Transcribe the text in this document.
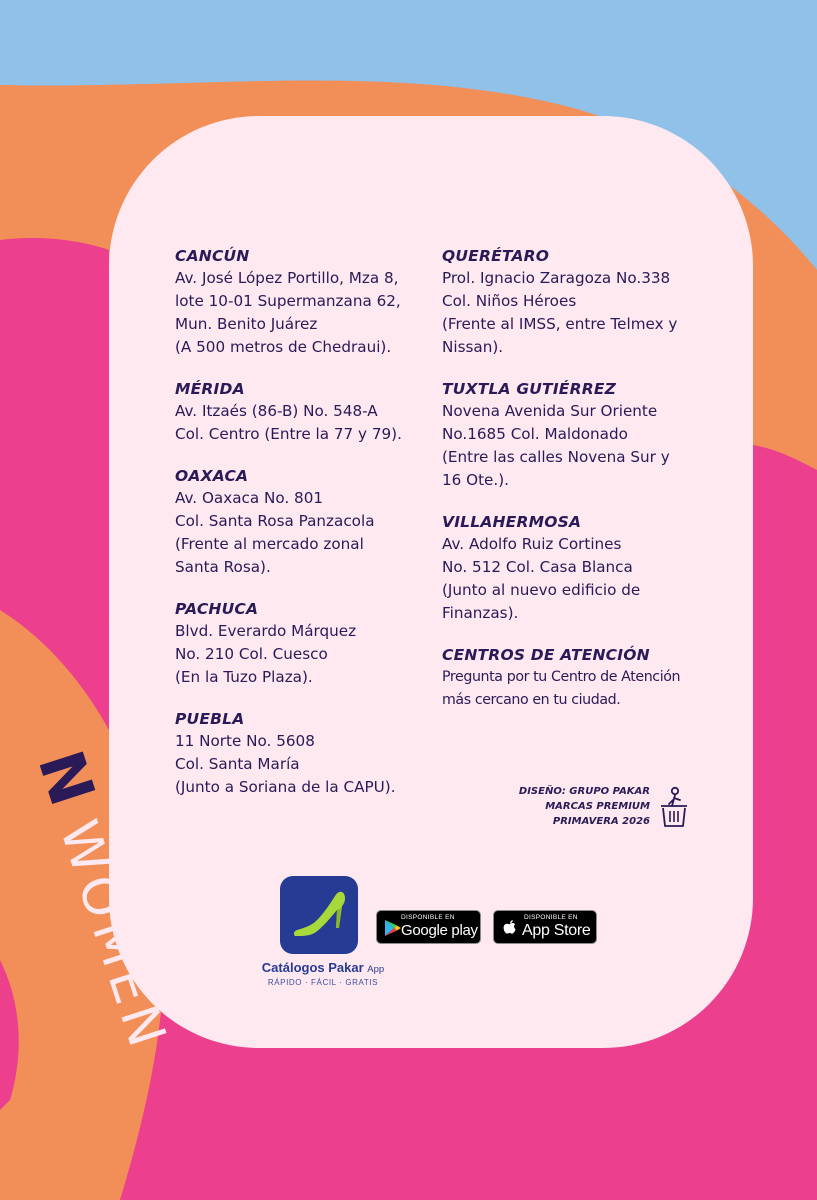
N
CANCÚN
Av. José López Portillo, Mza 8,
lote 10-01 Supermanzana 62,
Mun. Benito Juárez
(A 500 metros de Chedraui).
MÉRIDA
Av. Itzaés (86-B) No. 548-A
Col. Centro (Entre la 77 y 79).
OAXACA
Av. Oaxaca No. 801
Col. Santa Rosa Panzacola
(Frente al mercado zonal
Santa Rosa).
PACHUCA
Blvd. Everardo Márquez
No. 210 Col. Cuesco
(En la Tuzo Plaza).
PUEBLA
11 Norte No. 5608
Col. Santa María
(Junto a Soriana de la CAPU).
QUERÉTARO
Prol. Ignacio Zaragoza No.338
Col. Niños Héroes
(Frente al IMSS, entre Telmex y
Nissan).
TUXTLA GUTIÉRREZ
Novena Avenida Sur Oriente
No.1685 Col. Maldonado
(Entre las calles Novena Sur y
16 Ote.).
VILLAHERMOSA
Av. Adolfo Ruiz Cortines
No. 512 Col. Casa Blanca
(Junto al nuevo edificio de
Finanzas).
CENTROS DE ATENCIÓN
Pregunta por tu Centro de Atención
más cercano en tu ciudad.
DISEÑO: GRUPO PAKAR
MARCAS PREMIUM
PRIMAVERA 2026
Catálogos Pakar App
RÁPIDO · FÁCIL · GRATIS
DISPONIBLE EN
Google play
DISPONIBLE EN
App Store
